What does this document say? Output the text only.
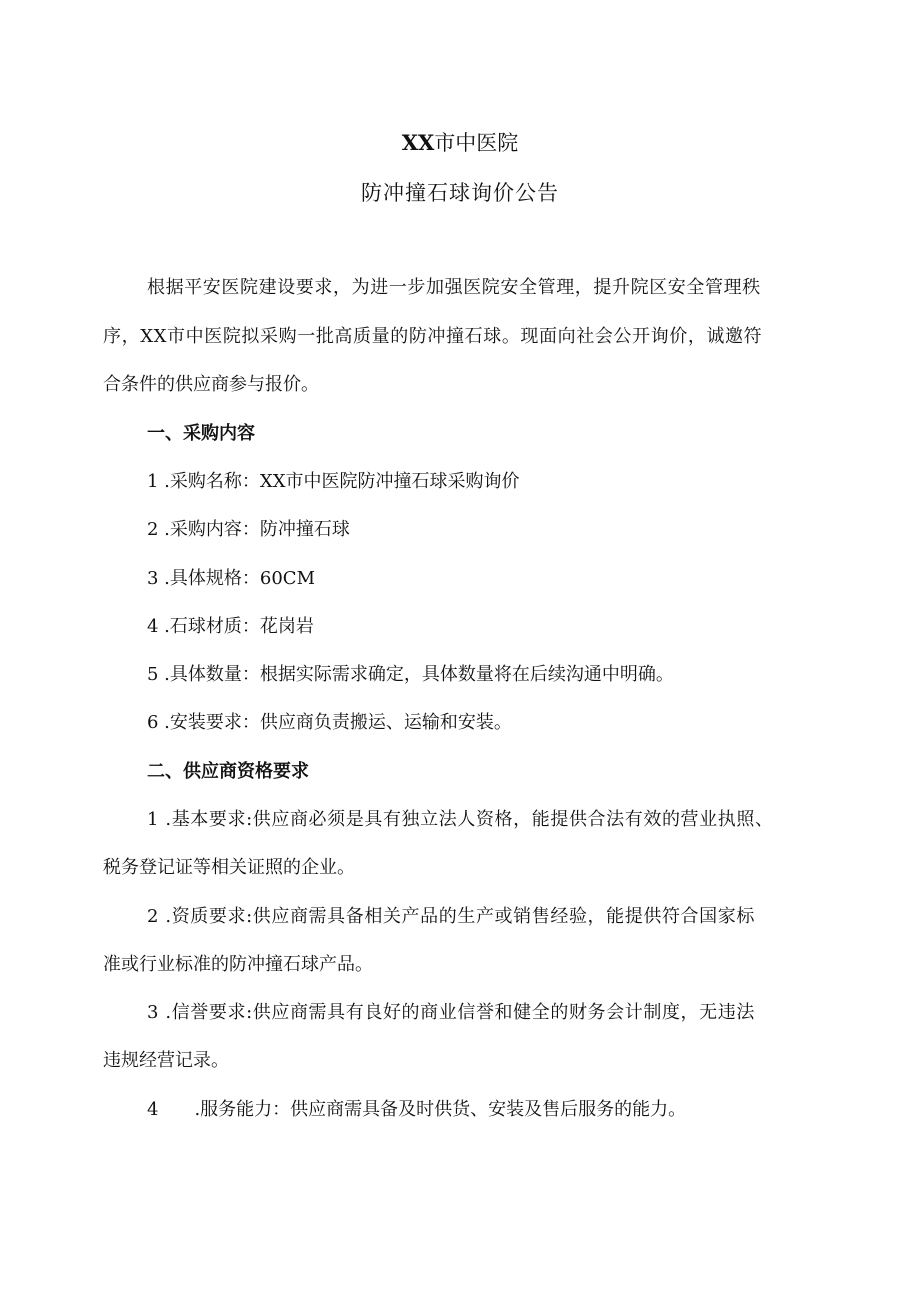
XX市中医院
防冲撞石球询价公告
根据平安医院建设要求，为进一步加强医院安全管理，提升院区安全管理秩
序，XX市中医院拟采购一批高质量的防冲撞石球。现面向社会公开询价，诚邀符
合条件的供应商参与报价。
一、采购内容
1 .采购名称：XX市中医院防冲撞石球采购询价
2 .采购内容：防冲撞石球
3 .具体规格：60CM
4 .石球材质：花岗岩
5 .具体数量：根据实际需求确定，具体数量将在后续沟通中明确。
6 .安装要求：供应商负责搬运、运输和安装。
二、供应商资格要求
1 .基本要求:供应商必须是具有独立法人资格，能提供合法有效的营业执照、
税务登记证等相关证照的企业。
2 .资质要求:供应商需具备相关产品的生产或销售经验，能提供符合国家标
准或行业标准的防冲撞石球产品。
3 .信誉要求:供应商需具有良好的商业信誉和健全的财务会计制度，无违法
违规经营记录。
4　　.服务能力：供应商需具备及时供货、安装及售后服务的能力。
